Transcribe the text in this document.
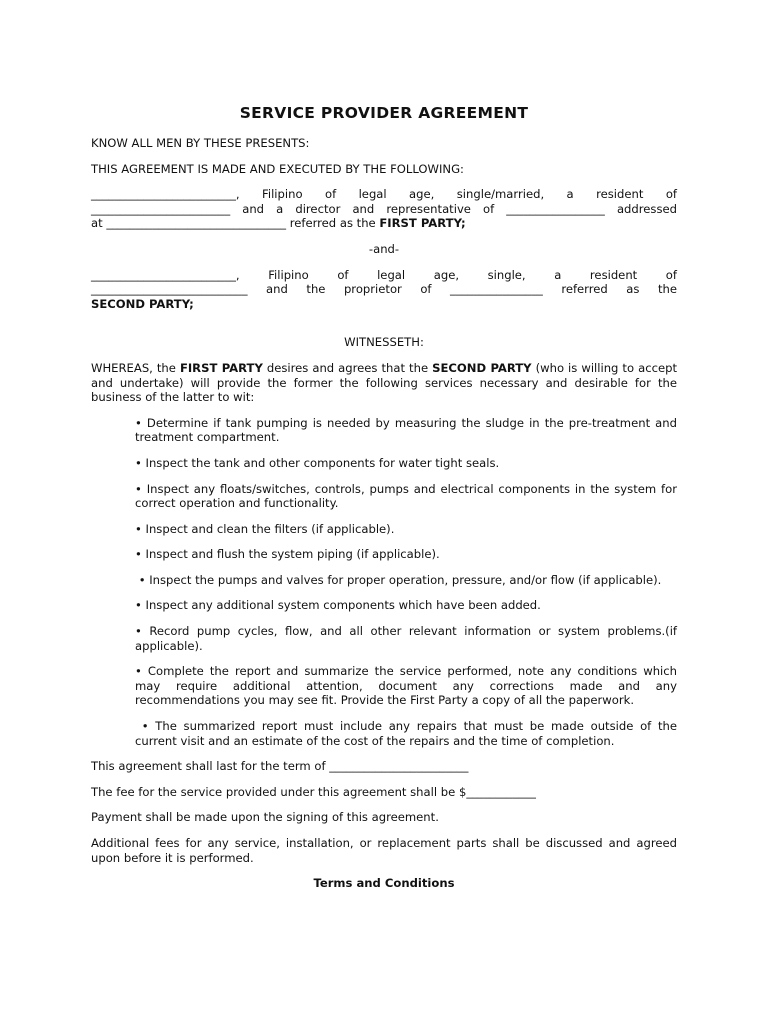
SERVICE PROVIDER AGREEMENT

KNOW ALL MEN BY THESE PRESENTS:

THIS AGREEMENT IS MADE AND EXECUTED BY THE FOLLOWING:

_________________________, Filipino of legal age, single/married, a resident of

________________________ and a director and representative of _________________ addressed

at _______________________________ referred as the FIRST PARTY;

-and-

_________________________, Filipino of legal age, single, a resident of

___________________________ and the proprietor of ________________ referred as the

SECOND PARTY;

WITNESSETH:

WHEREAS, the FIRST PARTY desires and agrees that the SECOND PARTY (who is willing to accept and undertake) will provide the former the following services necessary and desirable for the business of the latter to wit:

• Determine if tank pumping is needed by measuring the sludge in the pre-treatment and treatment compartment.

• Inspect the tank and other components for water tight seals.

• Inspect any floats/switches, controls, pumps and electrical components in the system for correct operation and functionality.

• Inspect and clean the filters (if applicable).

• Inspect and flush the system piping (if applicable).

• Inspect the pumps and valves for proper operation, pressure, and/or flow (if applicable).

• Inspect any additional system components which have been added.

• Record pump cycles, flow, and all other relevant information or system problems.(if applicable).

• Complete the report and summarize the service performed, note any conditions which may require additional attention, document any corrections made and any recommendations you may see fit. Provide the First Party a copy of all the paperwork.

• The summarized report must include any repairs that must be made outside of the current visit and an estimate of the cost of the repairs and the time of completion.

This agreement shall last for the term of ________________________

The fee for the service provided under this agreement shall be $____________

Payment shall be made upon the signing of this agreement.

Additional fees for any service, installation, or replacement parts shall be discussed and agreed upon before it is performed.

Terms and Conditions
